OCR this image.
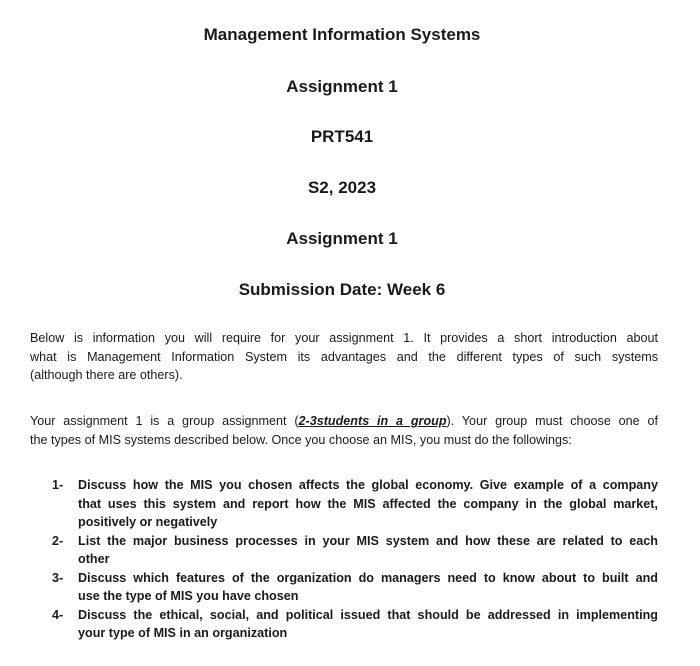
Management Information Systems
Assignment 1
PRT541
S2, 2023
Assignment 1
Submission Date: Week 6
Below is information you will require for your assignment 1. It provides a short introduction about
what is Management Information System its advantages and the different types of such systems
(although there are others).
Your assignment 1 is a group assignment (2-3students in a group). Your group must choose one of
the types of MIS systems described below. Once you choose an MIS, you must do the followings:
1- Discuss how the MIS you chosen affects the global economy. Give example of a company
that uses this system and report how the MIS affected the company in the global market,
positively or negatively
2- List the major business processes in your MIS system and how these are related to each
other
3- Discuss which features of the organization do managers need to know about to built and
use the type of MIS you have chosen
4- Discuss the ethical, social, and political issued that should be addressed in implementing
your type of MIS in an organization
